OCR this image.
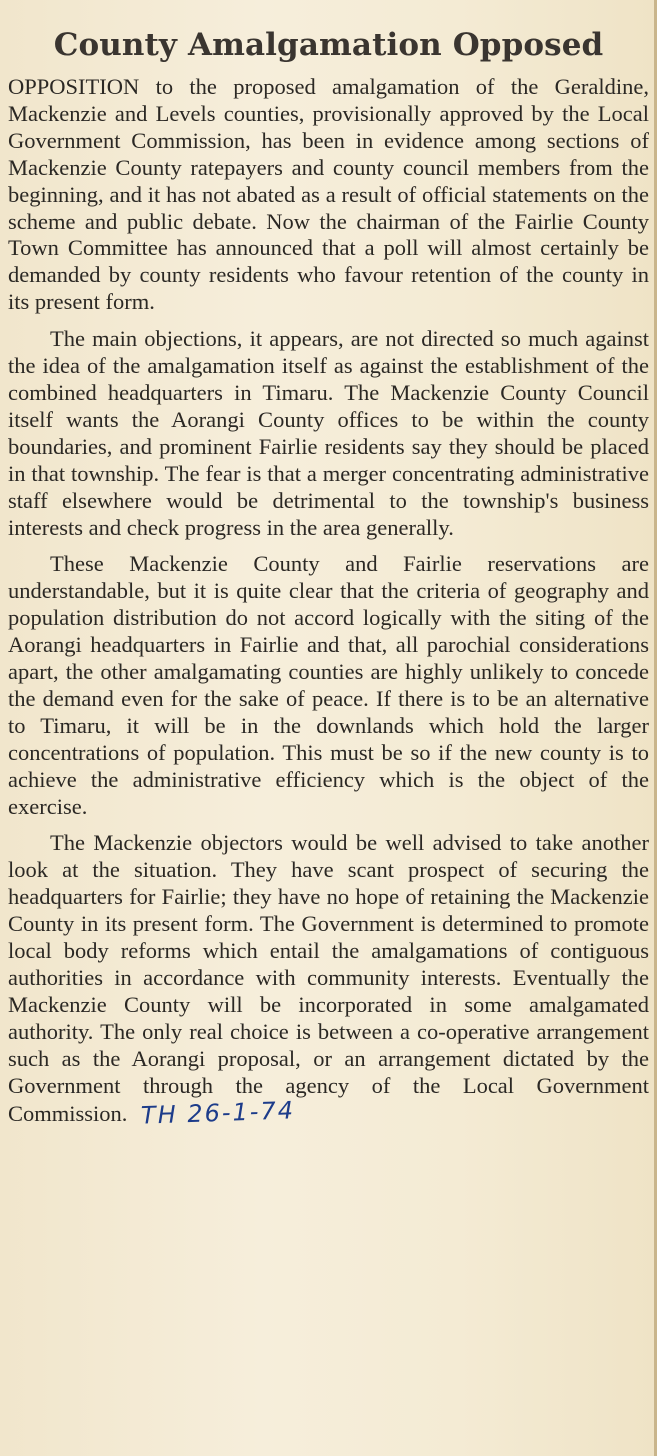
County Amalgamation Opposed

OPPOSITION to the proposed amalgamation of the Geraldine, Mackenzie and Levels counties, provisionally approved by the Local Government Commission, has been in evidence among sections of Mackenzie County ratepayers and county council members from the beginning, and it has not abated as a result of official statements on the scheme and public debate. Now the chairman of the Fairlie County Town Committee has announced that a poll will almost certainly be demanded by county residents who favour retention of the county in its present form.

The main objections, it appears, are not directed so much against the idea of the amalgamation itself as against the establishment of the combined headquarters in Timaru. The Mackenzie County Council itself wants the Aorangi County offices to be within the county boundaries, and prominent Fairlie residents say they should be placed in that township. The fear is that a merger concentrating administrative staff elsewhere would be detrimental to the township's business interests and check progress in the area generally.

These Mackenzie County and Fairlie reservations are understandable, but it is quite clear that the criteria of geography and population distribution do not accord logically with the siting of the Aorangi headquarters in Fairlie and that, all parochial considerations apart, the other amalgamating counties are highly unlikely to concede the demand even for the sake of peace. If there is to be an alternative to Timaru, it will be in the downlands which hold the larger concentrations of population. This must be so if the new county is to achieve the administrative efficiency which is the object of the exercise.

The Mackenzie objectors would be well advised to take another look at the situation. They have scant prospect of securing the headquarters for Fairlie; they have no hope of retaining the Mackenzie County in its present form. The Government is determined to promote local body reforms which entail the amalgamations of contiguous authorities in accordance with community interests. Eventually the Mackenzie County will be incorporated in some amalgamated authority. The only real choice is between a co-operative arrangement such as the Aorangi proposal, or an arrangement dictated by the Government through the agency of the Local Government Commission. TH 26-1-74
